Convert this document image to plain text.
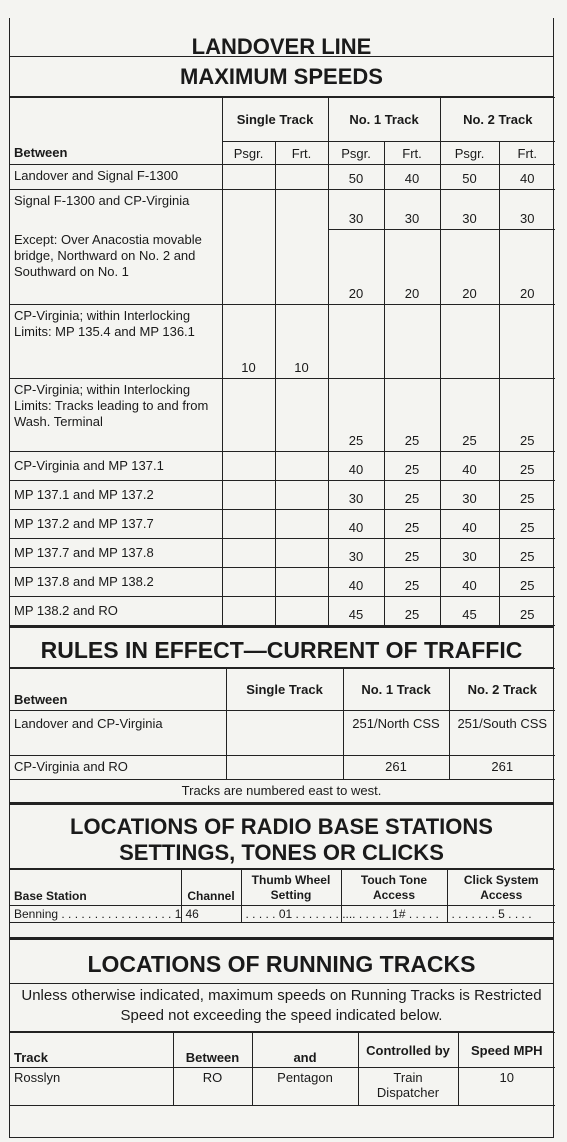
LANDOVER LINE
MAXIMUM SPEEDS
Between	Single Track		No. 1 Track		No. 2 Track	
	Psgr.	Frt.	Psgr.	Frt.	Psgr.	Frt.
Landover and Signal F-1300			50	40	50	40
Signal F-1300 and CP-Virginia			30	30	30	30
Except: Over Anacostia movable bridge, Northward on No. 2 and Southward on No. 1			20	20	20	20
CP-Virginia; within Interlocking Limits: MP 135.4 and MP 136.1	10	10				
CP-Virginia; within Interlocking Limits: Tracks leading to and from Wash. Terminal			25	25	25	25
CP-Virginia and MP 137.1			40	25	40	25
MP 137.1 and MP 137.2			30	25	30	25
MP 137.2 and MP 137.7			40	25	40	25
MP 137.7 and MP 137.8			30	25	30	25
MP 137.8 and MP 138.2			40	25	40	25
MP 138.2 and RO			45	25	45	25
RULES IN EFFECT—CURRENT OF TRAFFIC
Between	Single Track	No. 1 Track	No. 2 Track
Landover and CP-Virginia		251/North CSS	251/South CSS
CP-Virginia and RO		261	261
Tracks are numbered east to west.
LOCATIONS OF RADIO BASE STATIONS
SETTINGS, TONES OR CLICKS
Base Station	Channel	Thumb Wheel Setting	Touch Tone Access	Click System Access
Benning . . . . . . . . . . . . . . . . . 1	46	. . . . . 01 . . . . . . . . .	. . . . . . . 1# . . . . .	. . . . . . . 5 . . . .
LOCATIONS OF RUNNING TRACKS
Unless otherwise indicated, maximum speeds on Running Tracks is Restricted Speed not exceeding the speed indicated below.
Track	Between	and	Controlled by	Speed MPH
Rosslyn	RO	Pentagon	Train Dispatcher	10
